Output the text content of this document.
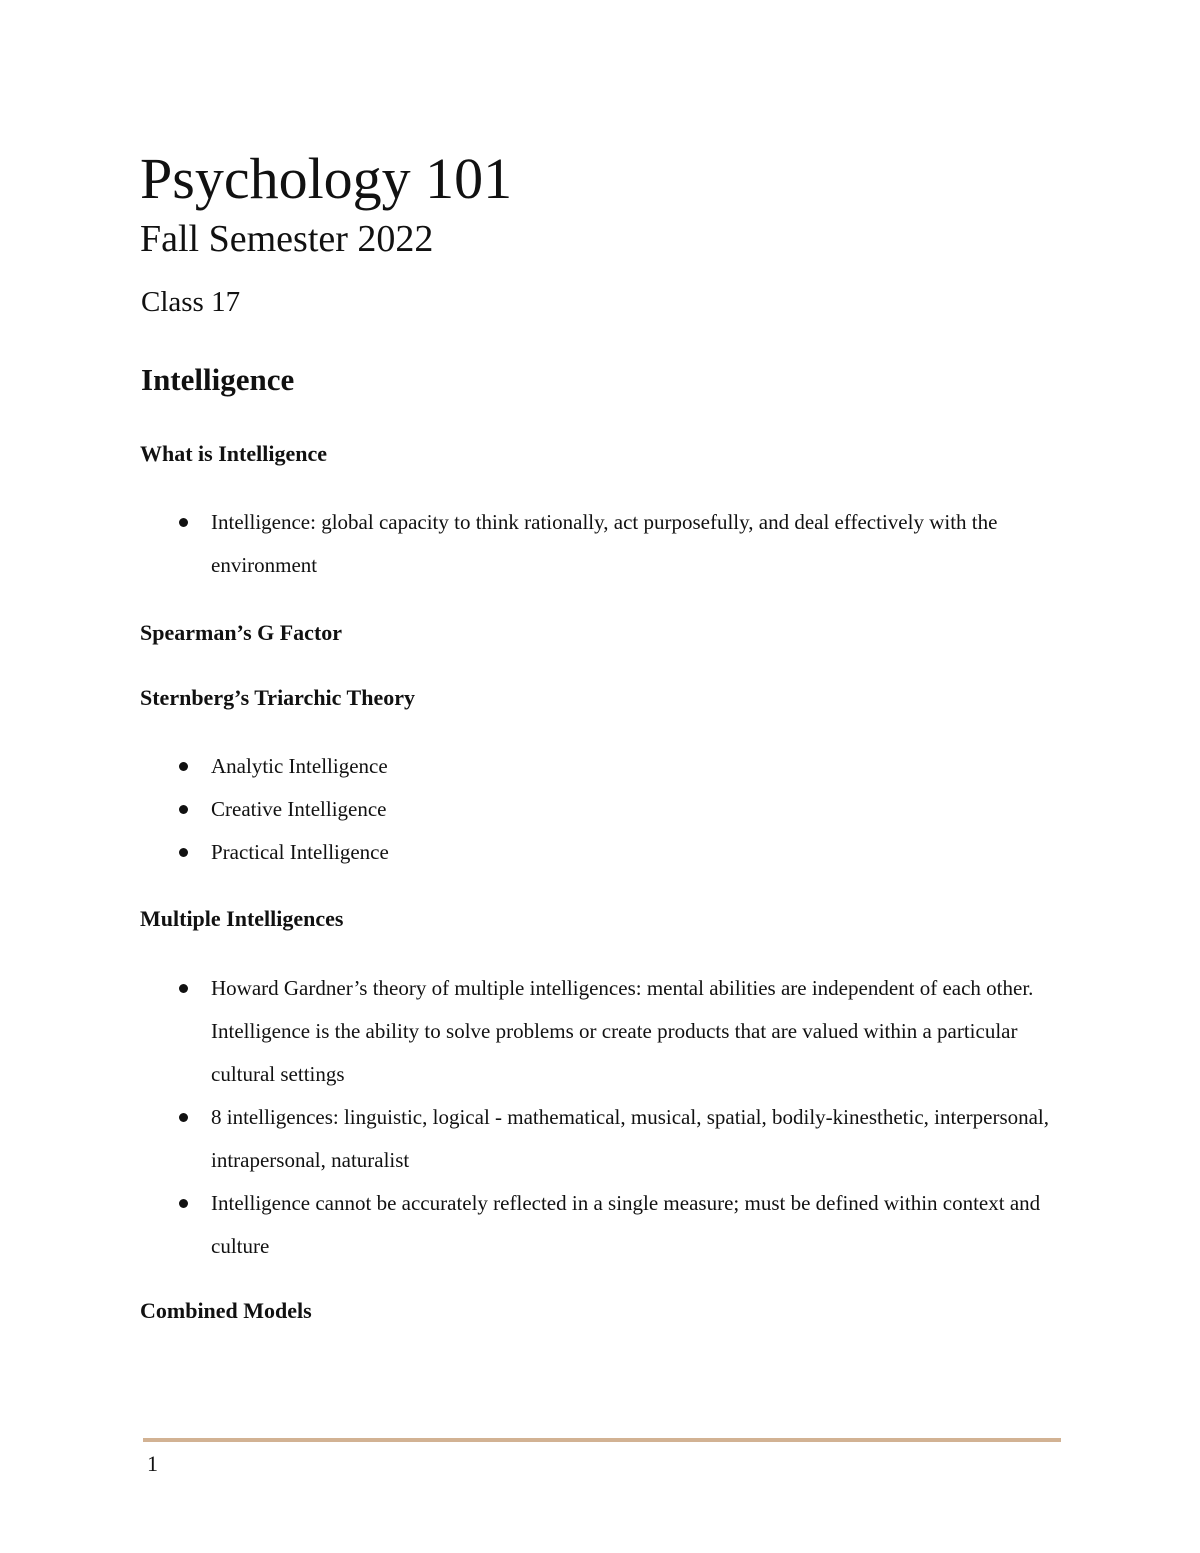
Psychology 101
Fall Semester 2022
Class 17
Intelligence
What is Intelligence
Intelligence: global capacity to think rationally, act purposefully, and deal effectively with the environment
Spearman’s G Factor
Sternberg’s Triarchic Theory
Analytic Intelligence
Creative Intelligence
Practical Intelligence
Multiple Intelligences
Howard Gardner’s theory of multiple intelligences: mental abilities are independent of each other. Intelligence is the ability to solve problems or create products that are valued within a particular cultural settings
8 intelligences: linguistic, logical - mathematical, musical, spatial, bodily-kinesthetic, interpersonal, intrapersonal, naturalist
Intelligence cannot be accurately reflected in a single measure; must be defined within context and culture
Combined Models
1
